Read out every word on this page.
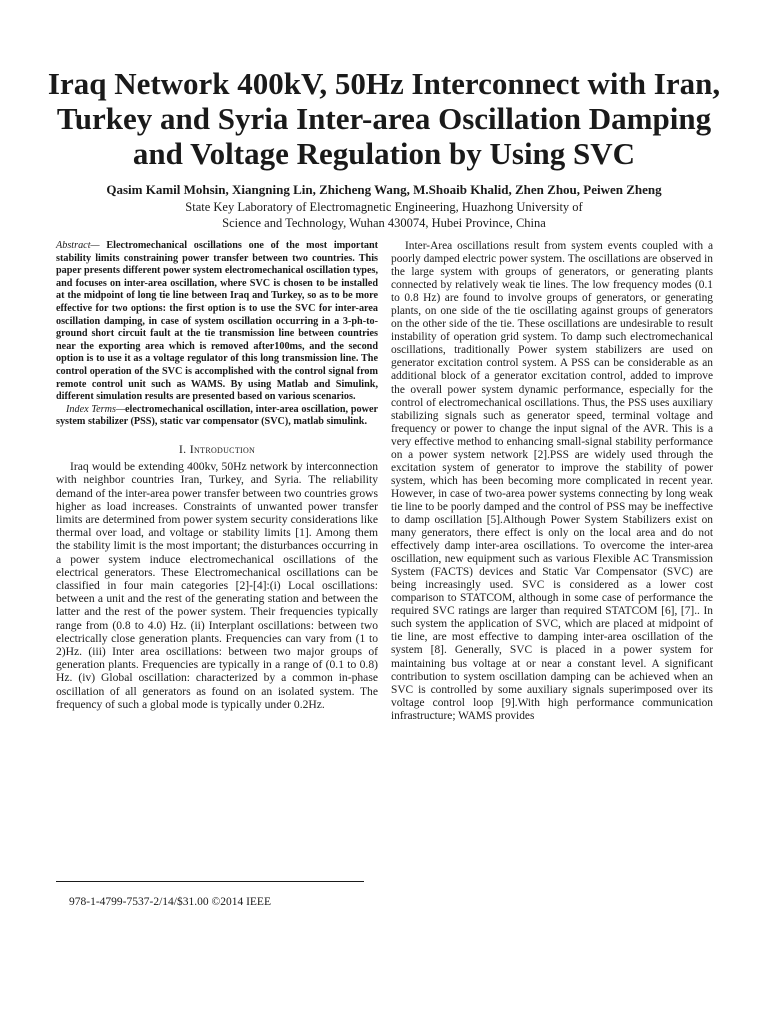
Iraq Network 400kV, 50Hz Interconnect with Iran, Turkey and Syria Inter-area Oscillation Damping and Voltage Regulation by Using SVC
Qasim Kamil Mohsin, Xiangning Lin, Zhicheng Wang, M.Shoaib Khalid, Zhen Zhou, Peiwen Zheng
State Key Laboratory of Electromagnetic Engineering, Huazhong University of
Science and Technology, Wuhan 430074, Hubei Province, China

Abstract— Electromechanical oscillations one of the most important stability limits constraining power transfer between two countries. This paper presents different power system electromechanical oscillation types, and focuses on inter-area oscillation, where SVC is chosen to be installed at the midpoint of long tie line between Iraq and Turkey, so as to be more effective for two options: the first option is to use the SVC for inter-area oscillation damping, in case of system oscillation occurring in a 3-ph-to-ground short circuit fault at the tie transmission line between countries near the exporting area which is removed after100ms, and the second option is to use it as a voltage regulator of this long transmission line. The control operation of the SVC is accomplished with the control signal from remote control unit such as WAMS. By using Matlab and Simulink, different simulation results are presented based on various scenarios.

Index Terms—electromechanical oscillation, inter-area oscillation, power system stabilizer (PSS), static var compensator (SVC), matlab simulink.

I. Introduction

Iraq would be extending 400kv, 50Hz network by interconnection with neighbor countries Iran, Turkey, and Syria. The reliability demand of the inter-area power transfer between two countries grows higher as load increases. Constraints of unwanted power transfer limits are determined from power system security considerations like thermal over load, and voltage or stability limits [1]. Among them the stability limit is the most important; the disturbances occurring in a power system induce electromechanical oscillations of the electrical generators. These Electromechanical oscillations can be classified in four main categories [2]-[4]:(i) Local oscillations: between a unit and the rest of the generating station and between the latter and the rest of the power system. Their frequencies typically range from (0.8 to 4.0) Hz. (ii) Interplant oscillations: between two electrically close generation plants. Frequencies can vary from (1 to 2)Hz. (iii) Inter area oscillations: between two major groups of generation plants. Frequencies are typically in a range of (0.1 to 0.8) Hz. (iv) Global oscillation: characterized by a common in-phase oscillation of all generators as found on an isolated system. The frequency of such a global mode is typically under 0.2Hz.

Inter-Area oscillations result from system events coupled with a poorly damped electric power system. The oscillations are observed in the large system with groups of generators, or generating plants connected by relatively weak tie lines. The low frequency modes (0.1 to 0.8 Hz) are found to involve groups of generators, or generating plants, on one side of the tie oscillating against groups of generators on the other side of the tie. These oscillations are undesirable to result instability of operation grid system. To damp such electromechanical oscillations, traditionally Power system stabilizers are used on generator excitation control system. A PSS can be considerable as an additional block of a generator excitation control, added to improve the overall power system dynamic performance, especially for the control of electromechanical oscillations. Thus, the PSS uses auxiliary stabilizing signals such as generator speed, terminal voltage and frequency or power to change the input signal of the AVR. This is a very effective method to enhancing small-signal stability performance on a power system network [2].PSS are widely used through the excitation system of generator to improve the stability of power system, which has been becoming more complicated in recent year. However, in case of two-area power systems connecting by long weak tie line to be poorly damped and the control of PSS may be ineffective to damp oscillation [5].Although Power System Stabilizers exist on many generators, there effect is only on the local area and do not effectively damp inter-area oscillations. To overcome the inter-area oscillation, new equipment such as various Flexible AC Transmission System (FACTS) devices and Static Var Compensator (SVC) are being increasingly used. SVC is considered as a lower cost comparison to STATCOM, although in some case of performance the required SVC ratings are larger than required STATCOM [6], [7].. In such system the application of SVC, which are placed at midpoint of tie line, are most effective to damping inter-area oscillation of the system [8]. Generally, SVC is placed in a power system for maintaining bus voltage at or near a constant level. A significant contribution to system oscillation damping can be achieved when an SVC is controlled by some auxiliary signals superimposed over its voltage control loop [9].With high performance communication infrastructure; WAMS provides

978-1-4799-7537-2/14/$31.00 ©2014 IEEE
